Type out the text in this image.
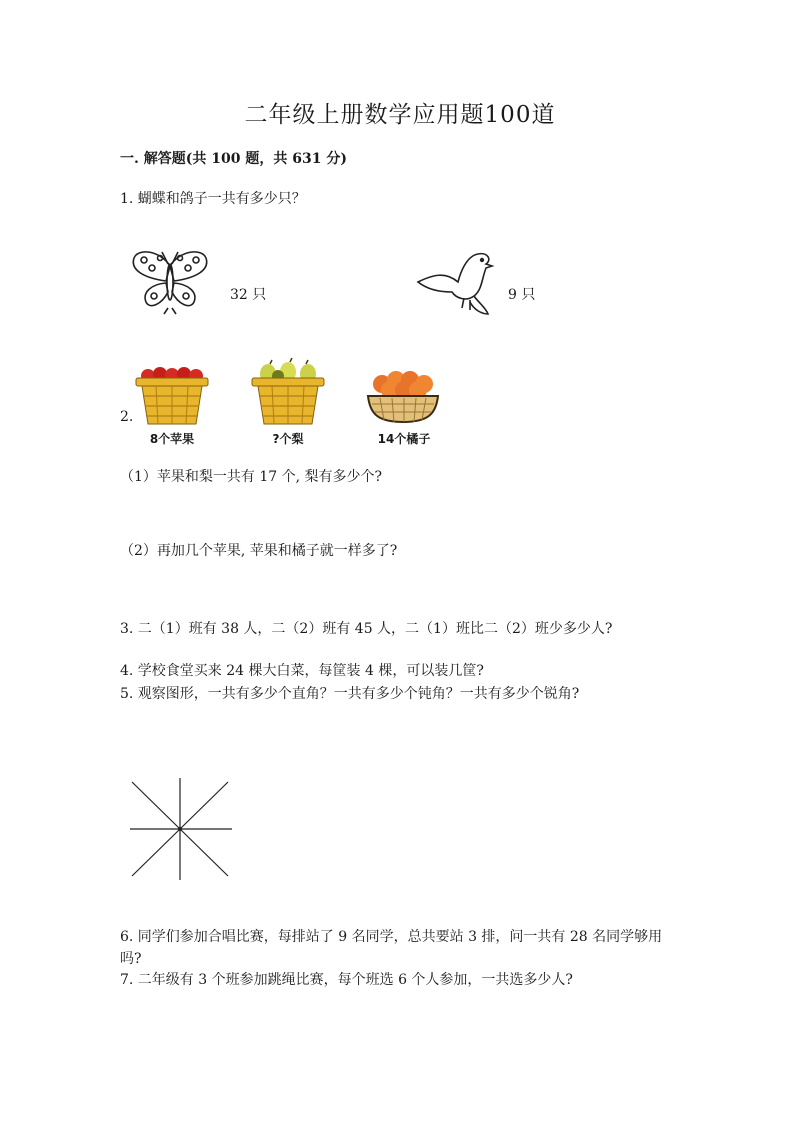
二年级上册数学应用题100道
一. 解答题(共 100 题，共 631 分)
1. 蝴蝶和鸽子一共有多少只？
32 只	9 只
2.
8个苹果	?个梨	14个橘子
（1）苹果和梨一共有 17 个, 梨有多少个?
（2）再加几个苹果, 苹果和橘子就一样多了?
3. 二（1）班有 38 人，二（2）班有 45 人，二（1）班比二（2）班少多少人?
4. 学校食堂买来 24 棵大白菜，每筐装 4 棵，可以装几筐?
5. 观察图形，一共有多少个直角？一共有多少个钝角？一共有多少个锐角?
6. 同学们参加合唱比赛，每排站了 9 名同学，总共要站 3 排，问一共有 28 名同学够用吗?
7. 二年级有 3 个班参加跳绳比赛，每个班选 6 个人参加，一共选多少人?
